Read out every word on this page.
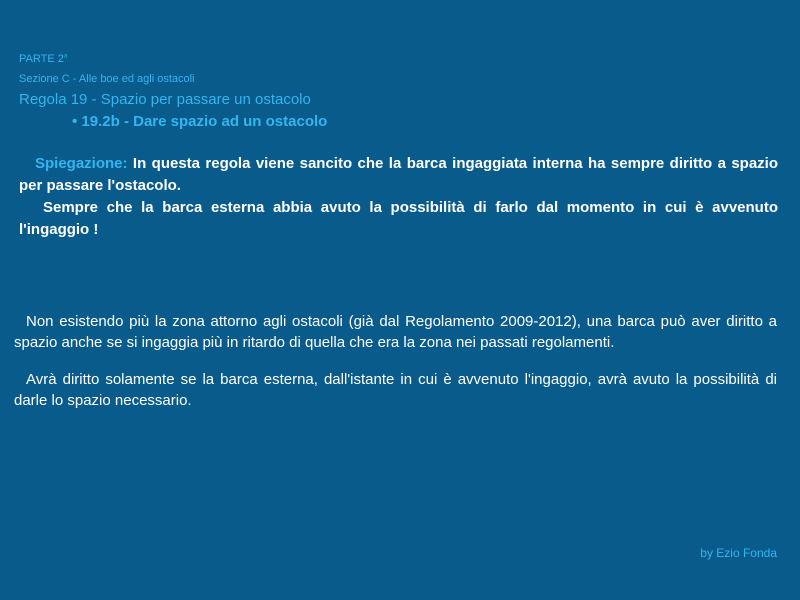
PARTE 2$^a$
Sezione C - Alle boe ed agli ostacoli
Regola 19 - Spazio per passare un ostacolo
• 19.2b - Dare spazio ad un ostacolo

Spiegazione: In questa regola viene sancito che la barca ingaggiata interna ha sempre diritto a spazio per passare l'ostacolo.

Sempre che la barca esterna abbia avuto la possibilità di farlo dal momento in cui è avvenuto l'ingaggio !

Non esistendo più la zona attorno agli ostacoli (già dal Regolamento 2009-2012), una barca può aver diritto a spazio anche se si ingaggia più in ritardo di quella che era la zona nei passati regolamenti.

Avrà diritto solamente se la barca esterna, dall'istante in cui è avvenuto l'ingaggio, avrà avuto la possibilità di darle lo spazio necessario.

by Ezio Fonda
